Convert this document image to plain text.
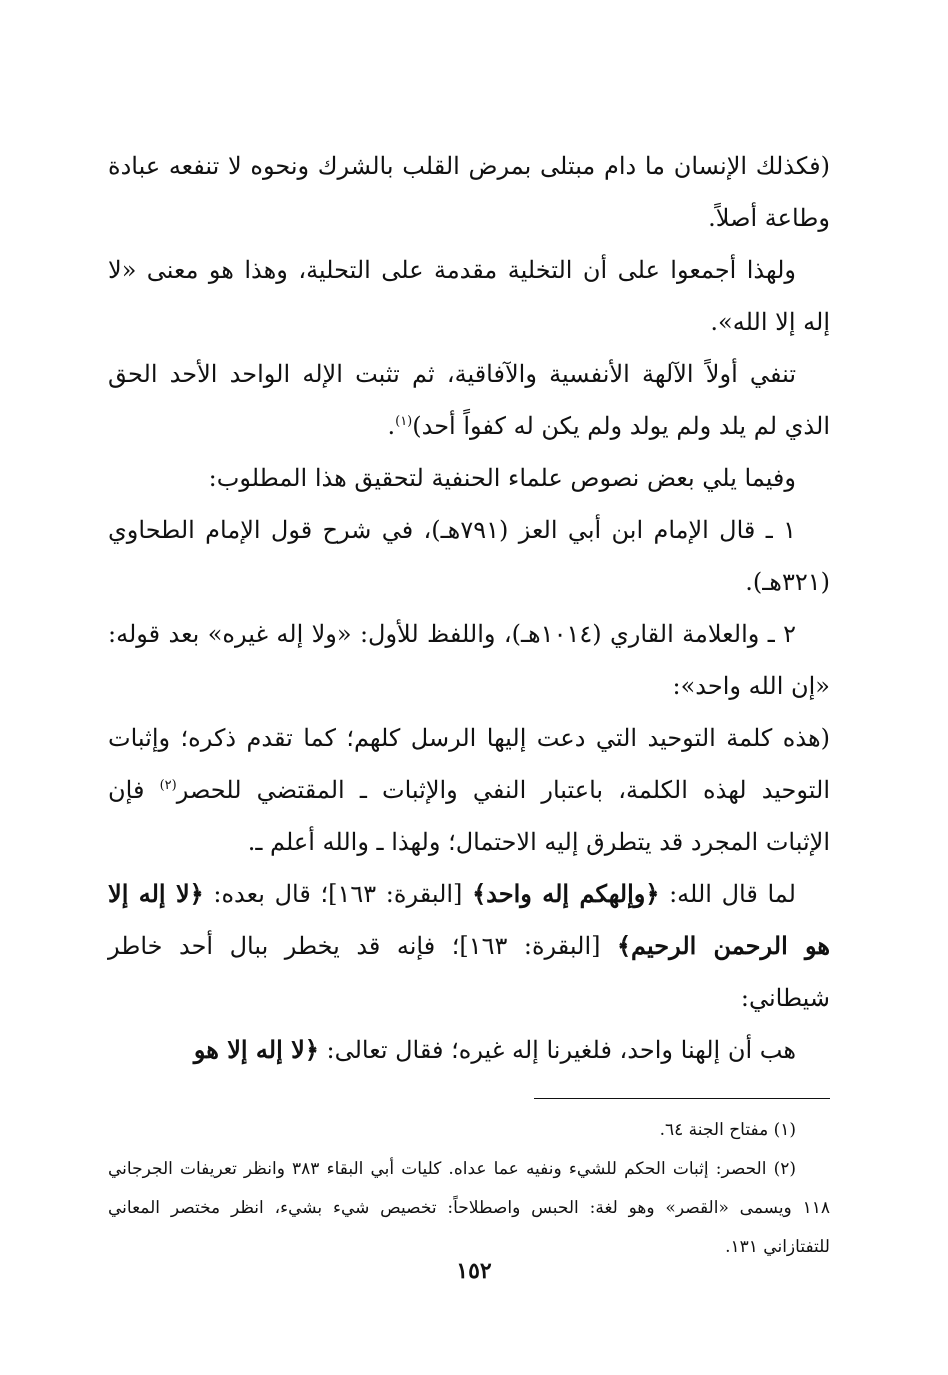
(فكذلك الإنسان ما دام مبتلى بمرض القلب بالشرك ونحوه لا تنفعه عبادة وطاعة أصلاً.

ولهذا أجمعوا على أن التخلية مقدمة على التحلية، وهذا هو معنى «لا إله إلا الله».

تنفي أولاً الآلهة الأنفسية والآفاقية، ثم تثبت الإله الواحد الأحد الحق الذي لم يلد ولم يولد ولم يكن له كفواً أحد)$^{(١)}$.

وفيما يلي بعض نصوص علماء الحنفية لتحقيق هذا المطلوب:

١ ـ قال الإمام ابن أبي العز (٧٩١هـ)، في شرح قول الإمام الطحاوي (٣٢١هـ).

٢ ـ والعلامة القاري (١٠١٤هـ)، واللفظ للأول: «ولا إله غيره» بعد قوله: «إن الله واحد»:

(هذه كلمة التوحيد التي دعت إليها الرسل كلهم؛ كما تقدم ذكره؛ وإثبات التوحيد لهذه الكلمة، باعتبار النفي والإثبات ـ المقتضي للحصر$^{(٢)}$ فإن الإثبات المجرد قد يتطرق إليه الاحتمال؛ ولهذا ـ والله أعلم ـ.

لما قال الله: ﴿وإلهكم إله واحد﴾ [البقرة: ١٦٣]؛ قال بعده: ﴿لا إله إلا هو الرحمن الرحيم﴾ [البقرة: ١٦٣]؛ فإنه قد يخطر ببال أحد خاطر شيطاني:

هب أن إلهنا واحد، فلغيرنا إله غيره؛ فقال تعالى: ﴿لا إله إلا هو

(١) مفتاح الجنة ٦٤.

(٢) الحصر: إثبات الحكم للشيء ونفيه عما عداه. كليات أبي البقاء ٣٨٣ وانظر تعريفات الجرجاني ١١٨ ويسمى «القصر» وهو لغة: الحبس واصطلاحاً: تخصيص شيء بشيء، انظر مختصر المعاني للتفتازاني ١٣١.

١٥٢
